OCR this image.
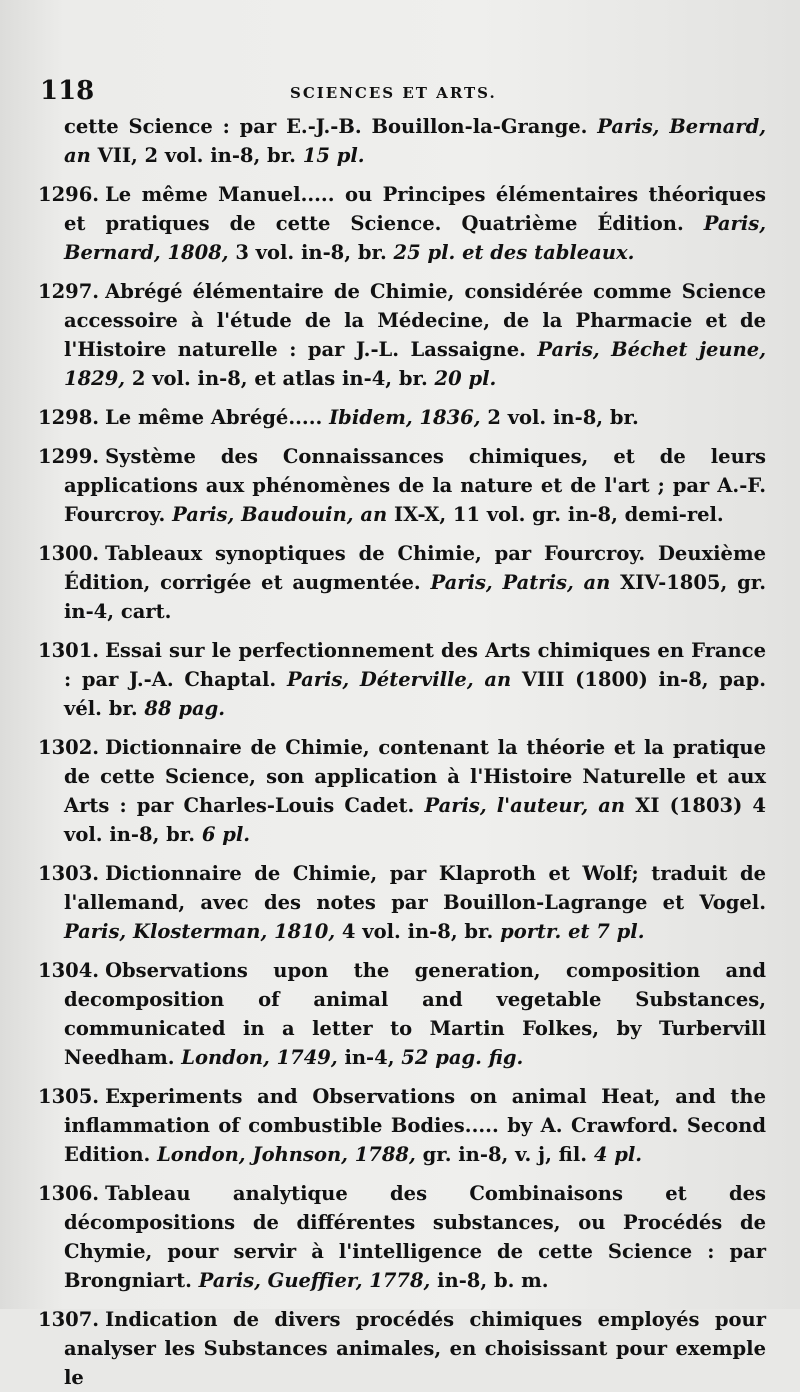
118	SCIENCES ET ARTS.
cette Science : par E.-J.-B. Bouillon-la-Grange. Paris, Bernard, an VII, 2 vol. in-8, br. 15 pl.
1296. Le même Manuel..... ou Principes élémentaires théoriques et pratiques de cette Science. Quatrième Édition. Paris, Bernard, 1808, 3 vol. in-8, br. 25 pl. et des tableaux.
1297. Abrégé élémentaire de Chimie, considérée comme Science accessoire à l'étude de la Médecine, de la Pharmacie et de l'Histoire naturelle : par J.-L. Lassaigne. Paris, Béchet jeune, 1829, 2 vol. in-8, et atlas in-4, br. 20 pl.
1298. Le même Abrégé..... Ibidem, 1836, 2 vol. in-8, br.
1299. Système des Connaissances chimiques, et de leurs applications aux phénomènes de la nature et de l'art ; par A.-F. Fourcroy. Paris, Baudouin, an IX-X, 11 vol. gr. in-8, demi-rel.
1300. Tableaux synoptiques de Chimie, par Fourcroy. Deuxième Édition, corrigée et augmentée. Paris, Patris, an XIV-1805, gr. in-4, cart.
1301. Essai sur le perfectionnement des Arts chimiques en France : par J.-A. Chaptal. Paris, Déterville, an VIII (1800) in-8, pap. vél. br. 88 pag.
1302. Dictionnaire de Chimie, contenant la théorie et la pratique de cette Science, son application à l'Histoire Naturelle et aux Arts : par Charles-Louis Cadet. Paris, l'auteur, an XI (1803) 4 vol. in-8, br. 6 pl.
1303. Dictionnaire de Chimie, par Klaproth et Wolf; traduit de l'allemand, avec des notes par Bouillon-Lagrange et Vogel. Paris, Klosterman, 1810, 4 vol. in-8, br. portr. et 7 pl.
1304. Observations upon the generation, composition and decomposition of animal and vegetable Substances, communicated in a letter to Martin Folkes, by Turbervill Needham. London, 1749, in-4, 52 pag. fig.
1305. Experiments and Observations on animal Heat, and the inflammation of combustible Bodies..... by A. Crawford. Second Edition. London, Johnson, 1788, gr. in-8, v. j, fil. 4 pl.
1306. Tableau analytique des Combinaisons et des décompositions de différentes substances, ou Procédés de Chymie, pour servir à l'intelligence de cette Science : par Brongniart. Paris, Gueffier, 1778, in-8, b. m.
1307. Indication de divers procédés chimiques employés pour analyser les Substances animales, en choisissant pour exemple le
